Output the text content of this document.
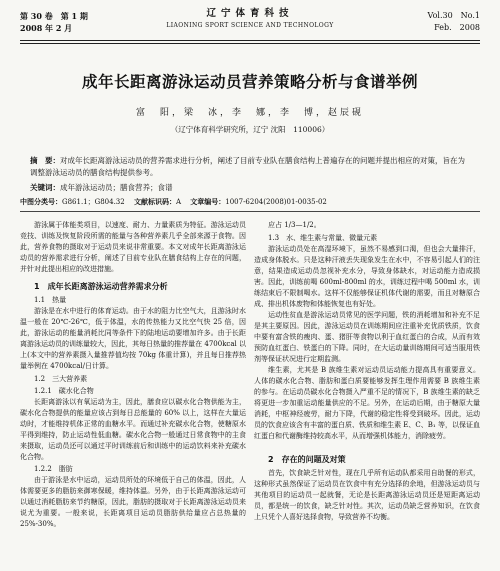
第 30 卷　第 1 期
2008 年 2 月
辽宁体育科技
LIAONING SPORT SCIENCE AND TECHNOLOGY
Vol.30　No.1
Feb.　2008
成年长距离游泳运动员营养策略分析与食谱举例
富　阳，梁　冰，李　娜，李　博，赵辰砚
（辽宁体育科学研究所，辽宁 沈阳　110006）
摘　要：对成年长距离游泳运动员的营养需求进行分析，阐述了目前专业队在膳食结构上普遍存在的问题并提出相应的对策，旨在为调整游泳运动员的膳食结构提供参考。
关键词：成年游泳运动员；膳食营养；食谱
中图分类号：G861.1；G804.32   文献标识码：A   文章编号：1007-6204(2008)01-0035-02

游泳属于体能类项目，以速度、耐力、力量素质为特征。游泳运动员竞技、训练及恢复阶段所需的能量与各种营养素几乎全部来源于食物。因此，营养食物的摄取对于运动员来说非常重要。本文对成年长距离游泳运动员的营养需求进行分析，阐述了目前专业队在膳食结构上存在的问题，并针对此提出相应的改进措施。

1　成年长距离游泳运动营养需求分析

1.1　热量

游泳是在水中进行的体育运动。由于水的阻力比空气大，且游泳时水温一般在 20℃-26℃，低于体温，水的传热能力又比空气快 25 倍，因此，游泳运动的能量消耗比同等条件下的陆地运动要增加许多。由于长距离游泳运动员的训练量较大，因此，其每日热量的推荐量在 4700kcal 以上(本文中的营养素摄入量推荐值均按 70kg 体重计算)，并且每日推荐热量举例在 4700kcal/日计算。

1.2　三大营养素

1.2.1　碳水化合物

长距离游泳以有氧运动为主，因此，膳食应以碳水化合物供能为主，碳水化合物提供的能量应该占到每日总能量的 60% 以上，这样在大量运动时，才能维持机体正常的血糖水平。而通过补充碳水化合物，使糖原水平得到维持，防止运动性低血糖。碳水化合物一般通过日常食物中的主食来摄取，运动员还可以通过平时训练前后和训练中的运动饮料来补充碳水化合物。

1.2.2　脂肪

由于游泳是水中运动，运动员所处的环境低于自己的体温，因此，人体需要更多的脂肪来御寒保暖，维持体温。另外，由于长距离游泳运动可以通过消耗脂肪来节约糖原，因此，脂肪的摄取对于长距离游泳运动员来说尤为重要。一般来说，长距离项目运动员脂肪供给量应占总热量的 25%-30%。

应占 1/3—1/2。

1.3　水、维生素与常量、微量元素

游泳运动员处在高湿环境下，虽然不易感到口渴，但也会大量排汗，造成身体脱水。只是这种汗液丢失现象发生在水中，不容易引起人们的注意，结果造成运动员忽视补充水分，导致身体缺水，对运动能力造成损害。因此，训练前喝 600ml-800ml 的水，训练过程中喝 500ml 水，训练结束后不限制喝水。这样不仅能够保证机体代谢的需要，而且对糖原合成、排出机体废物和体能恢复也有好处。

运动性贫血是游泳运动员常见的医学问题，铁的消耗增加和补充不足是其主要原因。因此，游泳运动员在训练期间应注重补充优质铁质，饮食中要有富含铁的瘦肉、蛋、猪肝等食物以利于血红蛋白的合成，从而有效预防血红蛋白、铁蛋白的下降。同时，在大运动量训练期间可适当服用铁剂等保证状况进行定期监测。

维生素，尤其是 B 族维生素对运动员运动能力提高具有重要意义。人体的碳水化合物、脂肪和蛋白质要能够发挥生理作用需要 B 族维生素的参与。在运动员碳水化合物摄入严重不足的情况下，B 族维生素的缺乏将更进一步加重运动能量供应的不足。另外，在运动后期，由于糖原大量消耗，中枢神经疲劳，耐力下降，代谢的稳定性将受到破坏。因此，运动员的饮食应该含有丰富的蛋白质、铁质和维生素 E、C、B₁ 等，以保证血红蛋白和代谢酶维持较高水平，从而增强机体能力，消除疲劳。

2　存在的问题及对策

首先，饮食缺乏针对性，现在几乎所有运动队都采用自助餐的形式，这种形式虽然保证了运动员在饮食中有充分选择的余地，但游泳运动员与其他项目的运动员一起就餐，无论是长距离游泳运动员还是短距离运动员，都是统一的饮食，缺乏针对性。其次，运动员缺乏营养知识，在饮食上只凭个人喜好选择食物，导致营养不均衡。
